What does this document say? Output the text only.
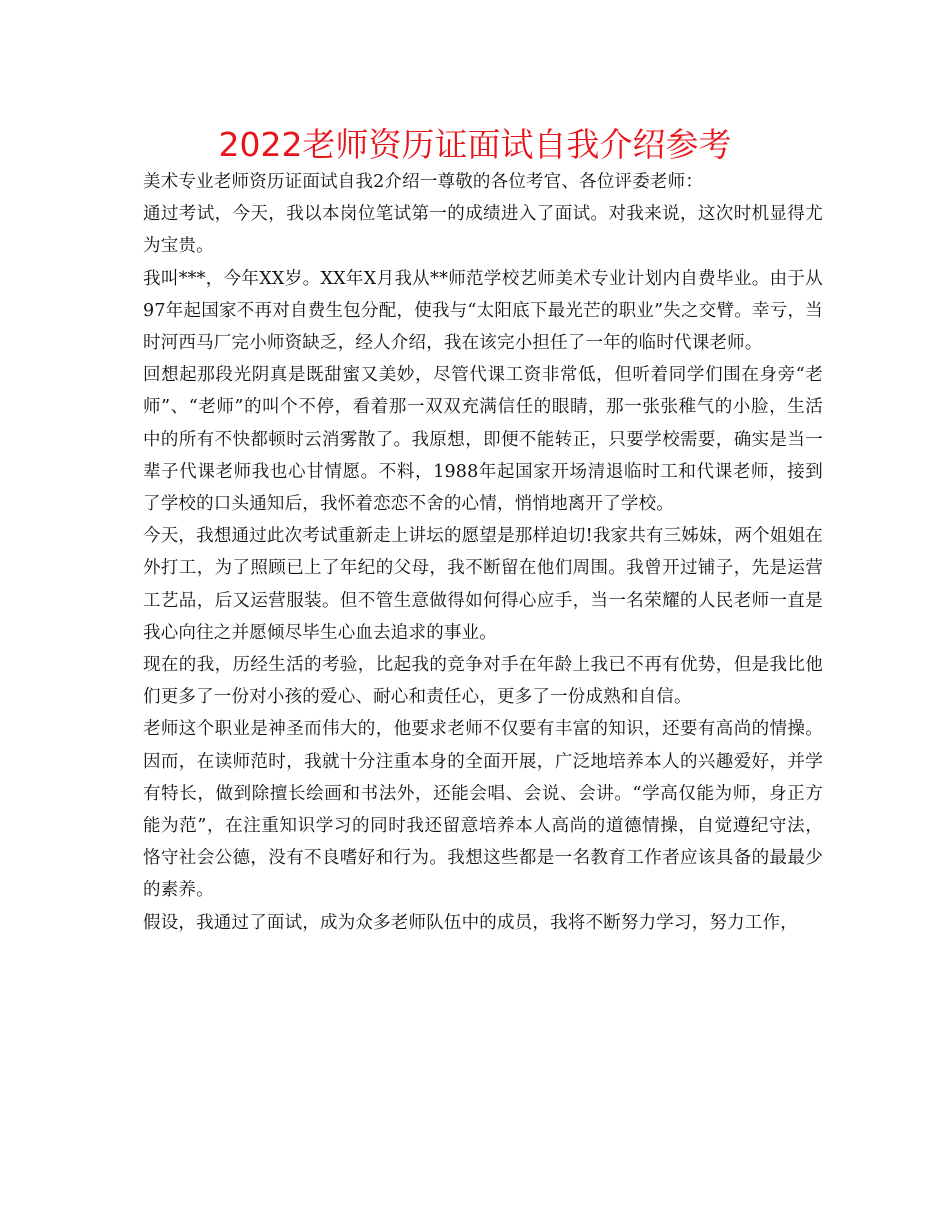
2022老师资历证面试自我介绍参考

美术专业老师资历证面试自我2介绍一尊敬的各位考官、各位评委老师：

通过考试，今天，我以本岗位笔试第一的成绩进入了面试。对我来说，这次时机显得尤为宝贵。

我叫***，今年XX岁。XX年X月我从**师范学校艺师美术专业计划内自费毕业。由于从97年起国家不再对自费生包分配，使我与“太阳底下最光芒的职业”失之交臂。幸亏，当时河西马厂完小师资缺乏，经人介绍，我在该完小担任了一年的临时代课老师。

回想起那段光阴真是既甜蜜又美妙，尽管代课工资非常低，但听着同学们围在身旁“老师”、“老师”的叫个不停，看着那一双双充满信任的眼睛，那一张张稚气的小脸，生活中的所有不快都顿时云消雾散了。我原想，即便不能转正，只要学校需要，确实是当一辈子代课老师我也心甘情愿。不料，1988年起国家开场清退临时工和代课老师，接到了学校的口头通知后，我怀着恋恋不舍的心情，悄悄地离开了学校。

今天，我想通过此次考试重新走上讲坛的愿望是那样迫切!我家共有三姊妹，两个姐姐在外打工，为了照顾已上了年纪的父母，我不断留在他们周围。我曾开过铺子，先是运营工艺品，后又运营服装。但不管生意做得如何得心应手，当一名荣耀的人民老师一直是我心向往之并愿倾尽毕生心血去追求的事业。

现在的我，历经生活的考验，比起我的竞争对手在年龄上我已不再有优势，但是我比他们更多了一份对小孩的爱心、耐心和责任心，更多了一份成熟和自信。

老师这个职业是神圣而伟大的，他要求老师不仅要有丰富的知识，还要有高尚的情操。因而，在读师范时，我就十分注重本身的全面开展，广泛地培养本人的兴趣爱好，并学有特长，做到除擅长绘画和书法外，还能会唱、会说、会讲。“学高仅能为师，身正方能为范”，在注重知识学习的同时我还留意培养本人高尚的道德情操，自觉遵纪守法，恪守社会公德，没有不良嗜好和行为。我想这些都是一名教育工作者应该具备的最最少的素养。

假设，我通过了面试，成为众多老师队伍中的成员，我将不断努力学习，努力工作，
